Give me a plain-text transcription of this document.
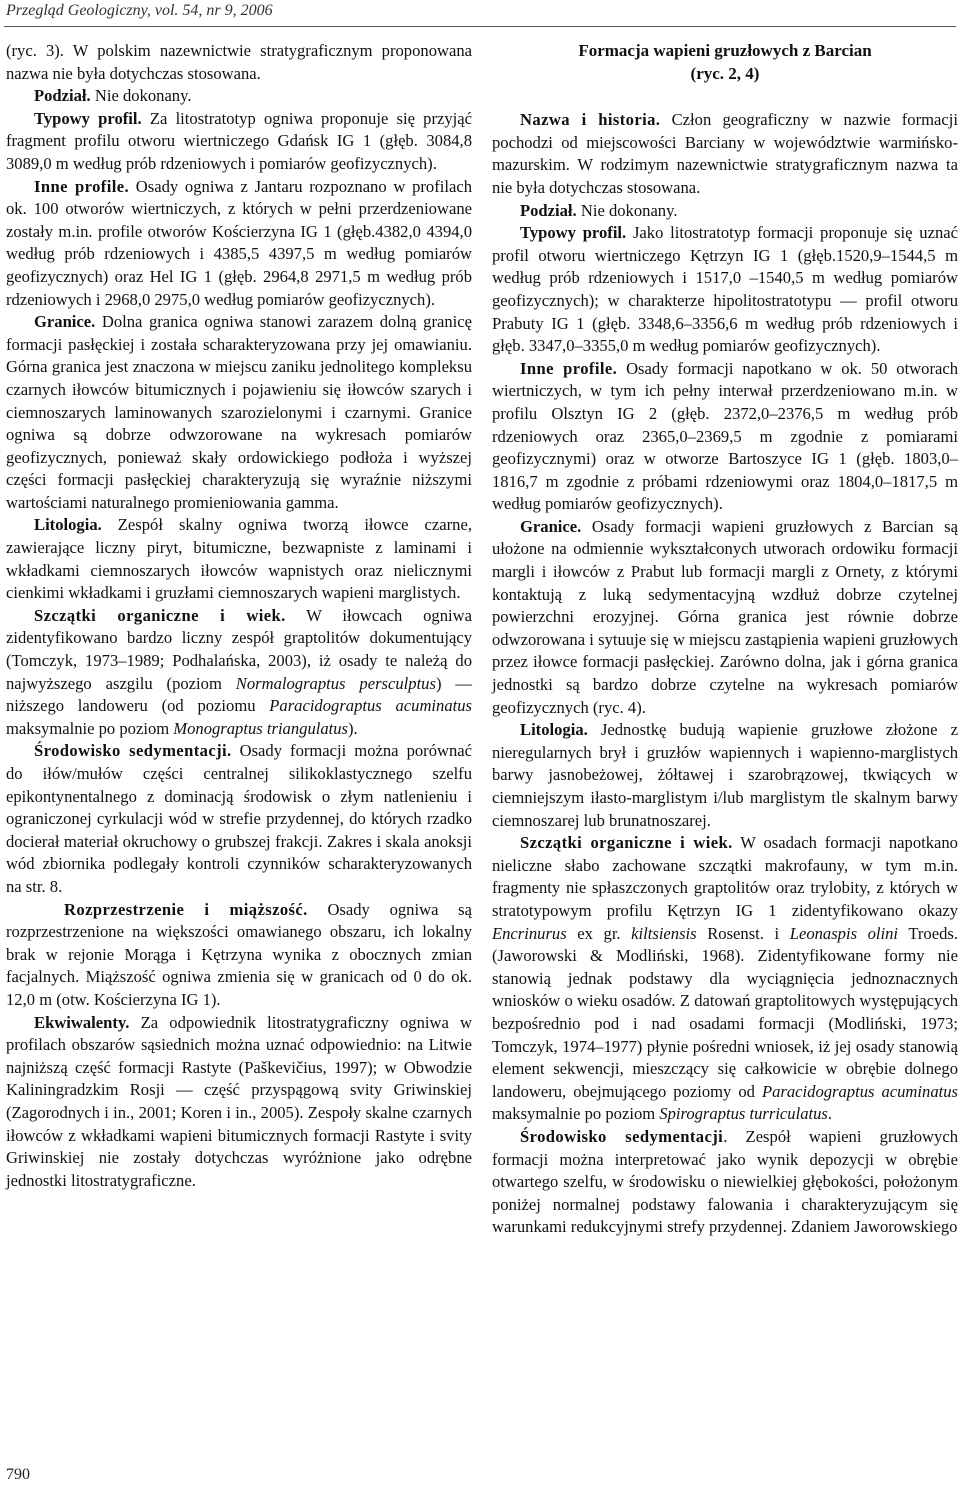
Przegląd Geologiczny, vol. 54, nr 9, 2006

(ryc. 3). W polskim nazewnictwie stratygraficznym proponowana nazwa nie była dotychczas stosowana.

Podział. Nie dokonany.

Typowy profil. Za litostratotyp ogniwa proponuje się przyjąć fragment profilu otworu wiertniczego Gdańsk IG 1 (głęb. 3084,8 3089,0 m według prób rdzeniowych i pomiarów geofizycznych).

Inne profile. Osady ogniwa z Jantaru rozpoznano w profilach ok. 100 otworów wiertniczych, z których w pełni przerdzeniowane zostały m.in. profile otworów Kościerzyna IG 1 (głęb.4382,0 4394,0 według prób rdzeniowych i 4385,5 4397,5 m według pomiarów geofizycznych) oraz Hel IG 1 (głęb. 2964,8 2971,5 m według prób rdzeniowych i 2968,0 2975,0 według pomiarów geofizycznych).

Granice. Dolna granica ogniwa stanowi zarazem dolną granicę formacji pasłęckiej i została scharakteryzowana przy jej omawianiu. Górna granica jest znaczona w miejscu zaniku jednolitego kompleksu czarnych iłowców bitumicznych i pojawieniu się iłowców szarych i ciemnoszarych laminowanych szarozielonymi i czarnymi. Granice ogniwa są dobrze odwzorowane na wykresach pomiarów geofizycznych, ponieważ skały ordowickiego podłoża i wyższej części formacji pasłęckiej charakteryzują się wyraźnie niższymi wartościami naturalnego promieniowania gamma.

Litologia. Zespół skalny ogniwa tworzą iłowce czarne, zawierające liczny piryt, bitumiczne, bezwapniste z laminami i wkładkami ciemnoszarych iłowców wapnistych oraz nielicznymi cienkimi wkładkami i gruzłami ciemnoszarych wapieni marglistych.

Szczątki organiczne i wiek. W iłowcach ogniwa zidentyfikowano bardzo liczny zespół graptolitów dokumentujący (Tomczyk, 1973–1989; Podhalańska, 2003), iż osady te należą do najwyższego aszgilu (poziom Normalograptus persculptus) — niższego landoweru (od poziomu Paracidograptus acuminatus maksymalnie po poziom Monograptus triangulatus).

Środowisko sedymentacji. Osady formacji można porównać do iłów/mułów części centralnej silikoklastycznego szelfu epikontynentalnego z dominacją środowisk o złym natlenieniu i ograniczonej cyrkulacji wód w strefie przydennej, do których rzadko docierał materiał okruchowy o grubszej frakcji. Zakres i skala anoksji wód zbiornika podlegały kontroli czynników scharakteryzowanych na str. 8.

Rozprzestrzenie i miąższość. Osady ogniwa są rozprzestrzenione na większości omawianego obszaru, ich lokalny brak w rejonie Morąga i Kętrzyna wynika z obocznych zmian facjalnych. Miąższość ogniwa zmienia się w granicach od 0 do ok. 12,0 m (otw. Kościerzyna IG 1).

Ekwiwalenty. Za odpowiednik litostratygraficzny ogniwa w profilach obszarów sąsiednich można uznać odpowiednio: na Litwie najniższą część formacji Rastyte (Paškevičius, 1997); w Obwodzie Kaliningradzkim Rosji — część przyspągową svity Griwinskiej (Zagorodnych i in., 2001; Koren i in., 2005). Zespoły skalne czarnych iłowców z wkładkami wapieni bitumicznych formacji Rastyte i svity Griwinskiej nie zostały dotychczas wyróżnione jako odrębne jednostki litostratygraficzne.

Formacja wapieni gruzłowych z Barcian
(ryc. 2, 4)

Nazwa i historia. Człon geograficzny w nazwie formacji pochodzi od miejscowości Barciany w województwie warmińsko-mazurskim. W rodzimym nazewnictwie stratygraficznym nazwa ta nie była dotychczas stosowana.

Podział. Nie dokonany.

Typowy profil. Jako litostratotyp formacji proponuje się uznać profil otworu wiertniczego Kętrzyn IG 1 (głęb.1520,9–1544,5 m według prób rdzeniowych i 1517,0 –1540,5 m według pomiarów geofizycznych); w charakterze hipolitostratotypu — profil otworu Prabuty IG 1 (głęb. 3348,6–3356,6 m według prób rdzeniowych i głęb. 3347,0–3355,0 m według pomiarów geofizycznych).

Inne profile. Osady formacji napotkano w ok. 50 otworach wiertniczych, w tym ich pełny interwał przerdzeniowano m.in. w profilu Olsztyn IG 2 (głęb. 2372,0–2376,5 m według prób rdzeniowych oraz 2365,0–2369,5 m zgodnie z pomiarami geofizycznymi) oraz w otworze Bartoszyce IG 1 (głęb. 1803,0–1816,7 m zgodnie z próbami rdzeniowymi oraz 1804,0–1817,5 m według pomiarów geofizycznych).

Granice. Osady formacji wapieni gruzłowych z Barcian są ułożone na odmiennie wykształconych utworach ordowiku formacji margli i iłowców z Prabut lub formacji margli z Ornety, z którymi kontaktują z luką sedymentacyjną wzdłuż dobrze czytelnej powierzchni erozyjnej. Górna granica jest równie dobrze odwzorowana i sytuuje się w miejscu zastąpienia wapieni gruzłowych przez iłowce formacji pasłęckiej. Zarówno dolna, jak i górna granica jednostki są bardzo dobrze czytelne na wykresach pomiarów geofizycznych (ryc. 4).

Litologia. Jednostkę budują wapienie gruzłowe złożone z nieregularnych brył i gruzłów wapiennych i wapienno-marglistych barwy jasnobeżowej, żółtawej i szarobrązowej, tkwiących w ciemniejszym iłasto-marglistym i/lub marglistym tle skalnym barwy ciemnoszarej lub brunatnoszarej.

Szczątki organiczne i wiek. W osadach formacji napotkano nieliczne słabo zachowane szczątki makrofauny, w tym m.in. fragmenty nie spłaszczonych graptolitów oraz trylobity, z których w stratotypowym profilu Kętrzyn IG 1 zidentyfikowano okazy Encrinurus ex gr. kiltsiensis Rosenst. i Leonaspis olini Troeds. (Jaworowski & Modliński, 1968). Zidentyfikowane formy nie stanowią jednak podstawy dla wyciągnięcia jednoznacznych wniosków o wieku osadów. Z datowań graptolitowych występujących bezpośrednio pod i nad osadami formacji (Modliński, 1973; Tomczyk, 1974–1977) płynie pośredni wniosek, iż jej osady stanowią element sekwencji, mieszczący się całkowicie w obrębie dolnego landoweru, obejmującego poziomy od Paracidograptus acuminatus maksymalnie po poziom Spirograptus turriculatus.

Środowisko sedymentacji. Zespół wapieni gruzłowych formacji można interpretować jako wynik depozycji w obrębie otwartego szelfu, w środowisku o niewielkiej głębokości, położonym poniżej normalnej podstawy falowania i charakteryzującym się warunkami redukcyjnymi strefy przydennej. Zdaniem Jaworowskiego

790
